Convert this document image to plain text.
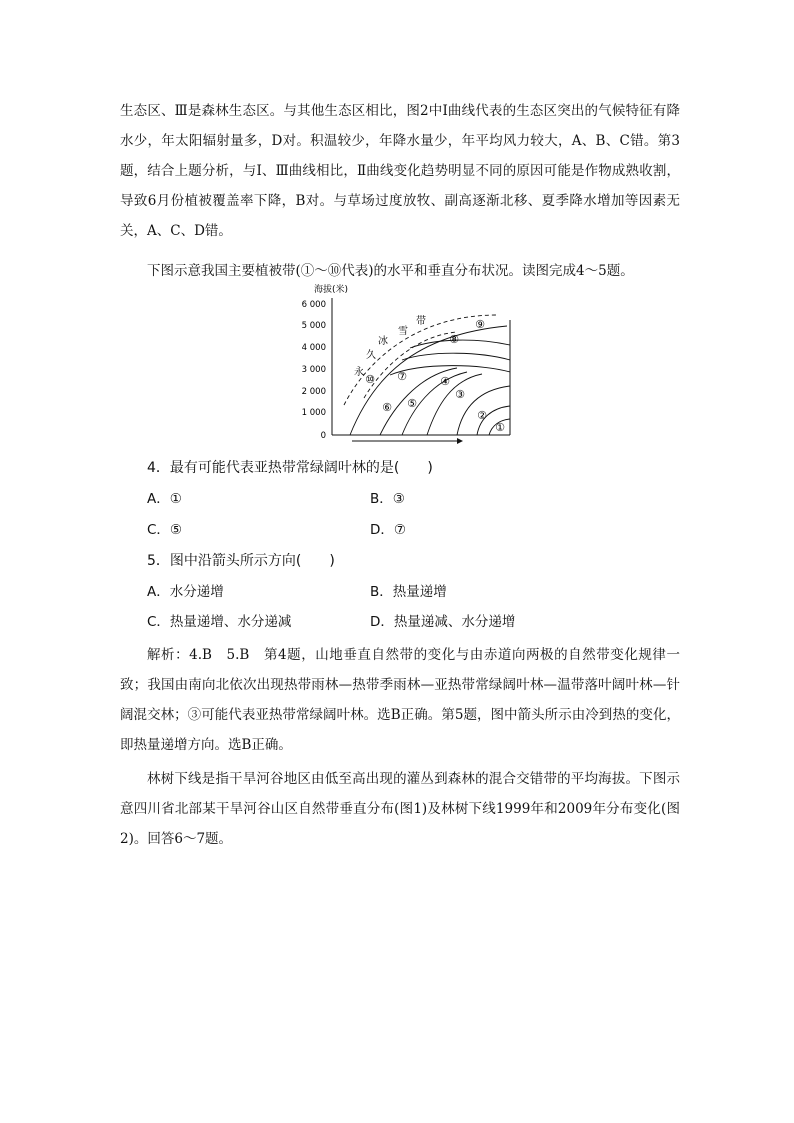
生态区、Ⅲ是森林生态区。与其他生态区相比，图2中Ⅰ曲线代表的生态区突出的气候特征有降水少，年太阳辐射量多，D对。积温较少，年降水量少，年平均风力较大，A、B、C错。第3题，结合上题分析，与Ⅰ、Ⅲ曲线相比，Ⅱ曲线变化趋势明显不同的原因可能是作物成熟收割，导致6月份植被覆盖率下降，B对。与草场过度放牧、副高逐渐北移、夏季降水增加等因素无关，A、C、D错。

下图示意我国主要植被带(①～⑩代表)的水平和垂直分布状况。读图完成4～5题。

海拔(米)
6 000
5 000
4 000
3 000
2 000
1 000
0
永
久
冰
雪
带
①
②
③
④
⑤
⑥
⑦
⑧
⑨
⑩

4．最有可能代表亚热带常绿阔叶林的是(　　)

A．①	B．③

C．⑤	D．⑦

5．图中沿箭头所示方向(　　)

A．水分递增	B．热量递增

C．热量递增、水分递减	D．热量递减、水分递增

解析：4.B　5.B　第4题，山地垂直自然带的变化与由赤道向两极的自然带变化规律一致；我国由南向北依次出现热带雨林—热带季雨林—亚热带常绿阔叶林—温带落叶阔叶林—针阔混交林；③可能代表亚热带常绿阔叶林。选B正确。第5题，图中箭头所示由冷到热的变化，即热量递增方向。选B正确。

林树下线是指干旱河谷地区由低至高出现的灌丛到森林的混合交错带的平均海拔。下图示意四川省北部某干旱河谷山区自然带垂直分布(图1)及林树下线1999年和2009年分布变化(图2)。回答6～7题。
